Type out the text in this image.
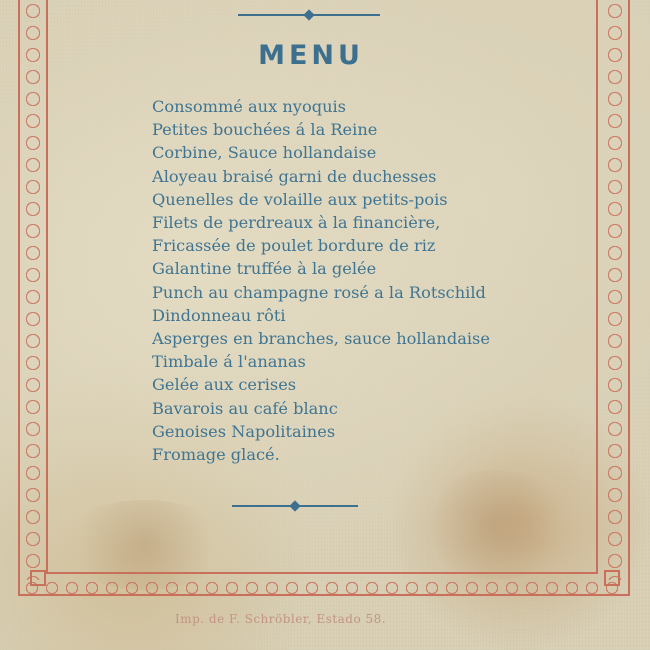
MENU
Consommé aux nyoquis
Petites bouchées á la Reine
Corbine, Sauce hollandaise
Aloyeau braisé garni de duchesses
Quenelles de volaille aux petits-pois
Filets de perdreaux à la financière,
Fricassée de poulet bordure de riz
Galantine truffée à la gelée
Punch au champagne rosé a la Rotschild
Dindonneau rôti
Asperges en branches, sauce hollandaise
Timbale á l'ananas
Gelée aux cerises
Bavarois au café blanc
Genoises Napolitaines
Fromage glacé.
Imp. de F. Schröbler, Estado 58.
